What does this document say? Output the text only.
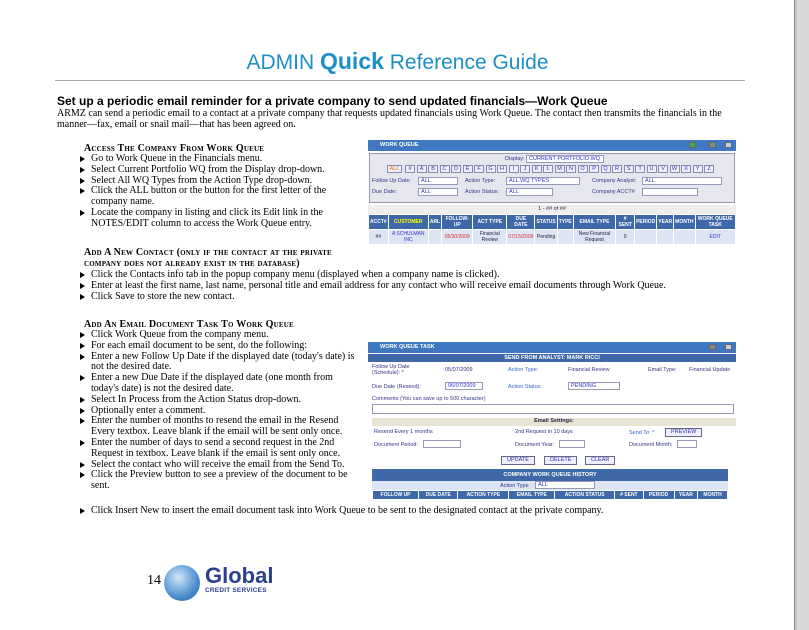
ADMIN Quick Reference Guide
Set up a periodic email reminder for a private company to send updated financials—Work Queue
ARMZ can send a periodic email to a contact at a private company that requests updated financials using Work Queue. The contact then transmits the financials in the manner—fax, email or snail mail—that has been agreed on.
Access The Company From Work Queue
Go to Work Queue in the Financials menu.
Select Current Portfolio WQ from the Display drop-down.
Select All WQ Types from the Action Type drop-down.
Click the ALL button or the button for the first letter of the company name.
Locate the company in listing and click its Edit link in the NOTES/EDIT column to access the Work Queue entry.
Add A New Contact (only if the contact at the private company does not already exist in the database)
Click the Contacts info tab in the popup company menu (displayed when a company name is clicked).
Enter at least the first name, last name, personal title and email address for any contact who will receive email documents through Work Queue.
Click Save to store the new contact.
Add An Email Document Task To Work Queue
Click Work Queue from the company menu.
For each email document to be sent, do the following:
Enter a new Follow Up Date if the displayed date (today's date) is not the desired date.
Enter a new Due Date if the displayed date (one month from today's date) is not the desired date.
Select In Process from the Action Status drop-down.
Optionally enter a comment.
Enter the number of months to resend the email in the Resend Every textbox. Leave blank if the email will be sent only once.
Enter the number of days to send a second request in the 2nd Request in textbox. Leave blank if the email is sent only once.
Select the contact who will receive the email from the Send To.
Click the Preview button to see a preview of the document to be sent.
Click Insert New to insert the email document task into Work Queue to be sent to the designated contact at the private company.
WORK QUEUE
Display: CURRENT PORTFOLIO WQ
ALL # A B C D E F G H I J K L M N O P Q R S T U V W X Y Z
Follow Up Date:	ALL	Action Type:	ALL WQ TYPES	Company Analyst:	ALL
Due Date:	ALL	Action Status:	ALL	Company ACCT#
1 - ## of ##
ACCT#	CUSTOMER	ARL	FOLLOW-UP	ACT TYPE	DUE DATE	STATUS	TYPE	EMAIL TYPE	# SENT	PERIOD	YEAR	MONTH	WORK QUEUE TASK
##	A SCHULMAN INC		06/30/2009	Financial Review	07/15/2009	Pending		New Financial Request	0				EDIT
WORK QUEUE TASK
SEND FROM ANALYST: MARK RICCI
Follow Up Date (Schedule): *	05/07/2009	Action Type:	Financial Review	Email Type: Financial Update
Due Date (Resend):	06/07/2009	Action Status:	PENDING
Comments (You can save up to 500 character)
Email Settings:
Resend Every 1 months	2nd Request in 10 days	Send To: *	PREVIEW
Document Period:	Document Year:	Document Month:
UPDATE	DELETE	CLEAR
COMPANY WORK QUEUE HISTORY
Action Type	ALL
FOLLOW UP	DUE DATE	ACTION TYPE	EMAIL TYPE	ACTION STATUS	# SENT	PERIOD	YEAR	MONTH
14 Global
CREDIT SERVICES
